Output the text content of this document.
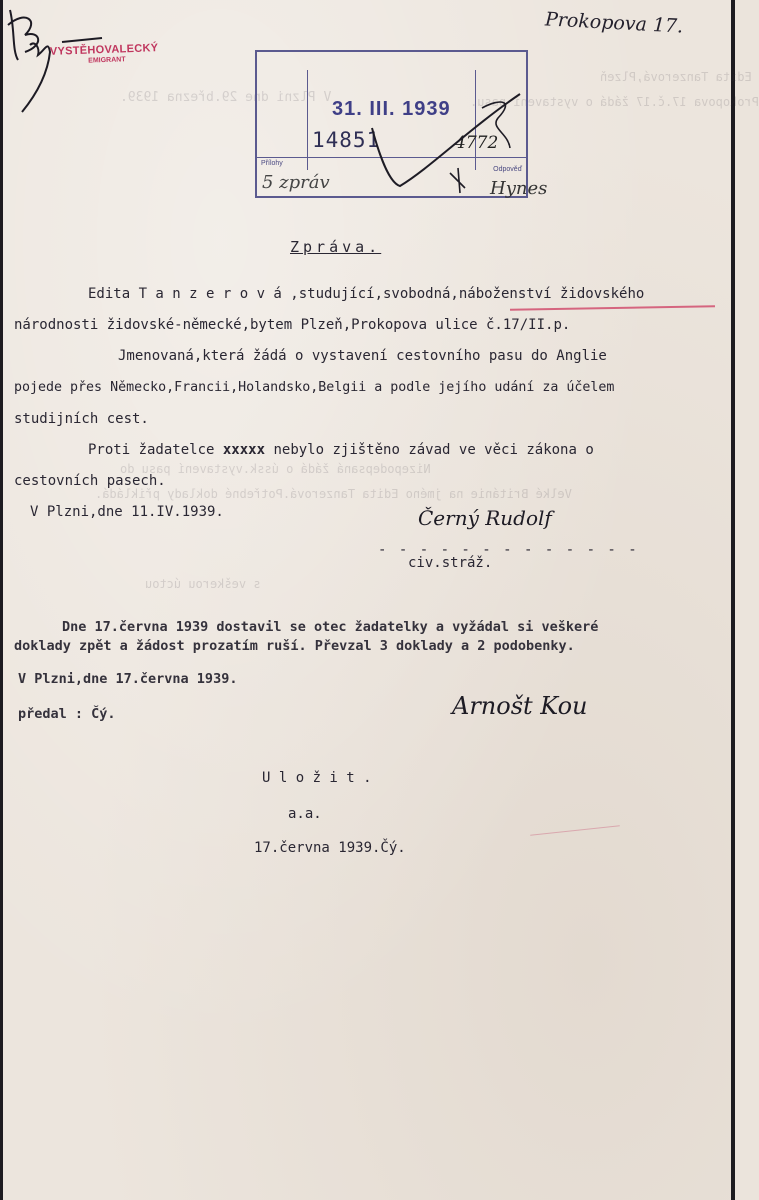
Edita Tanzerová,Plzeň
Prokopova 17.č.17 žádá o vystavení pasu.
V Plzni dne 29.března 1939.
Nizepodepsaná žádá o ússk.vystavení pasu do
Velké Británie na jméno Edita Tanzerová.Potřebné doklady přikládá.
s veškerou úctou
VYSTĚHOVALECKÝ
EMIGRANT
Prokopova 17.
31. III. 1939
14851	4772
Přílohy
Odpověď
5 zpráv	Hynes
Zpráva.
Edita T a n z e r o v á ,studující,svobodná,náboženství židovského
národnosti židovské-německé,bytem Plzeň,Prokopova ulice č.17/II.p.
Jmenovaná,která žádá o vystavení cestovního pasu do Anglie
pojede přes Německo,Francii,Holandsko,Belgii a podle jejího udání za účelem
studijních cest.
Proti žadatelce xxxxx nebylo zjištěno závad ve věci zákona o
cestovních pasech.
V Plzni,dne 11.IV.1939.	Černý Rudolf
- - - - - - - - - - - - -
civ.stráž.
Dne 17.června 1939 dostavil se otec žadatelky a vyžádal si veškeré
doklady zpět a žádost prozatím ruší. Převzal 3 doklady a 2 podobenky.
V Plzni,dne 17.června 1939.
předal : Čý.	Arnošt Kou
U l o ž i t .
a.a.
17.června 1939.Čý.
